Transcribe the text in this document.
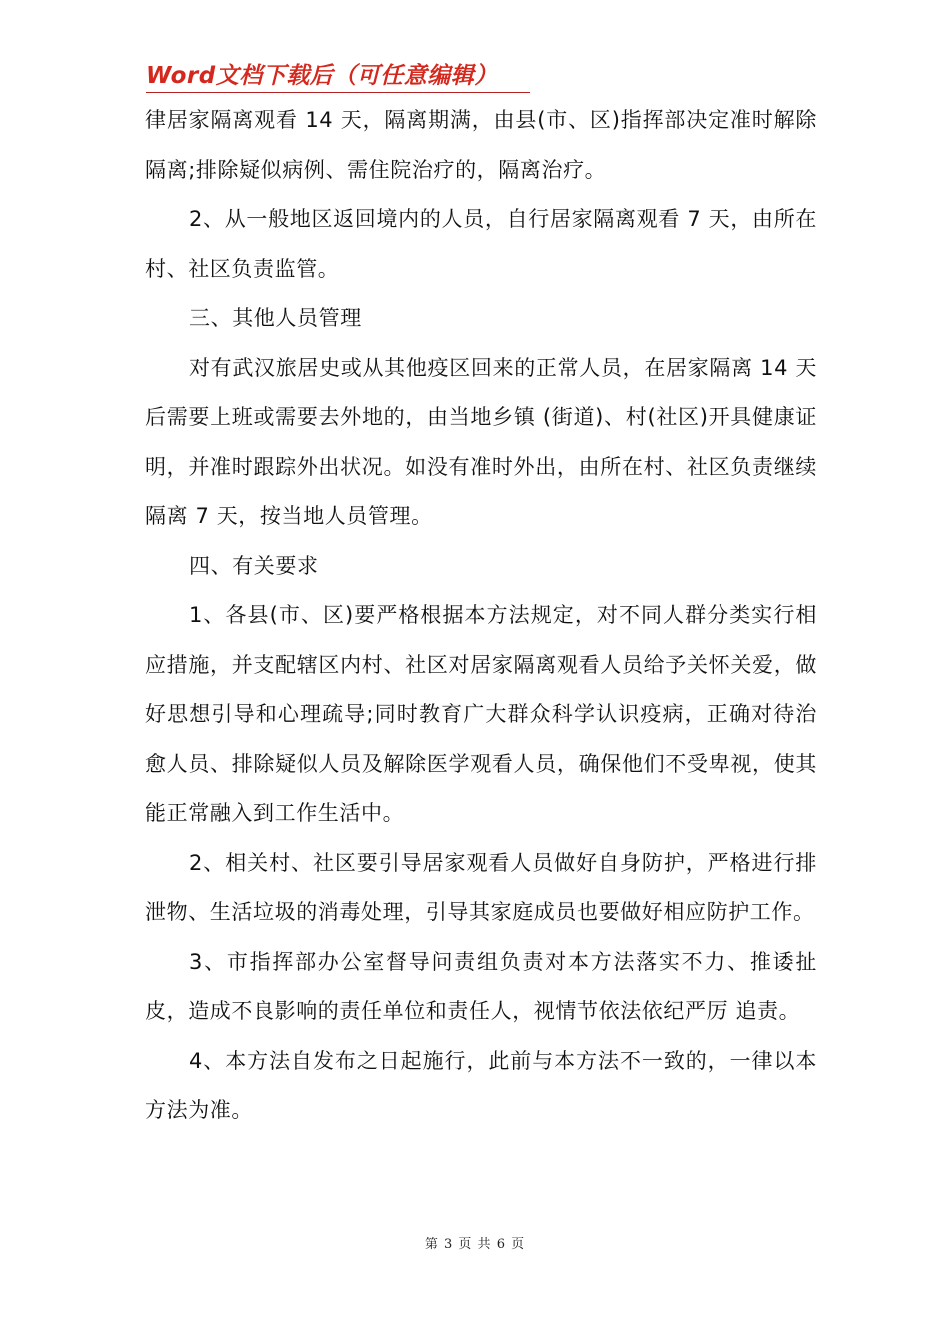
Word文档下载后（可任意编辑）

律居家隔离观看 14 天，隔离期满，由县(市、区)指挥部决定准时解除隔离;排除疑似病例、需住院治疗的，隔离治疗。

2、从一般地区返回境内的人员，自行居家隔离观看 7 天，由所在村、社区负责监管。

三、其他人员管理

对有武汉旅居史或从其他疫区回来的正常人员，在居家隔离 14 天后需要上班或需要去外地的，由当地乡镇 (街道)、村(社区)开具健康证明，并准时跟踪外出状况。如没有准时外出，由所在村、社区负责继续隔离 7 天，按当地人员管理。

四、有关要求

1、各县(市、区)要严格根据本方法规定，对不同人群分类实行相应措施，并支配辖区内村、社区对居家隔离观看人员给予关怀关爱，做好思想引导和心理疏导;同时教育广大群众科学认识疫病，正确对待治愈人员、排除疑似人员及解除医学观看人员，确保他们不受卑视，使其能正常融入到工作生活中。

2、相关村、社区要引导居家观看人员做好自身防护，严格进行排泄物、生活垃圾的消毒处理，引导其家庭成员也要做好相应防护工作。

3、市指挥部办公室督导问责组负责对本方法落实不力、推诿扯皮，造成不良影响的责任单位和责任人，视情节依法依纪严厉 追责。

4、本方法自发布之日起施行，此前与本方法不一致的，一律以本方法为准。

第 3 页 共 6 页
